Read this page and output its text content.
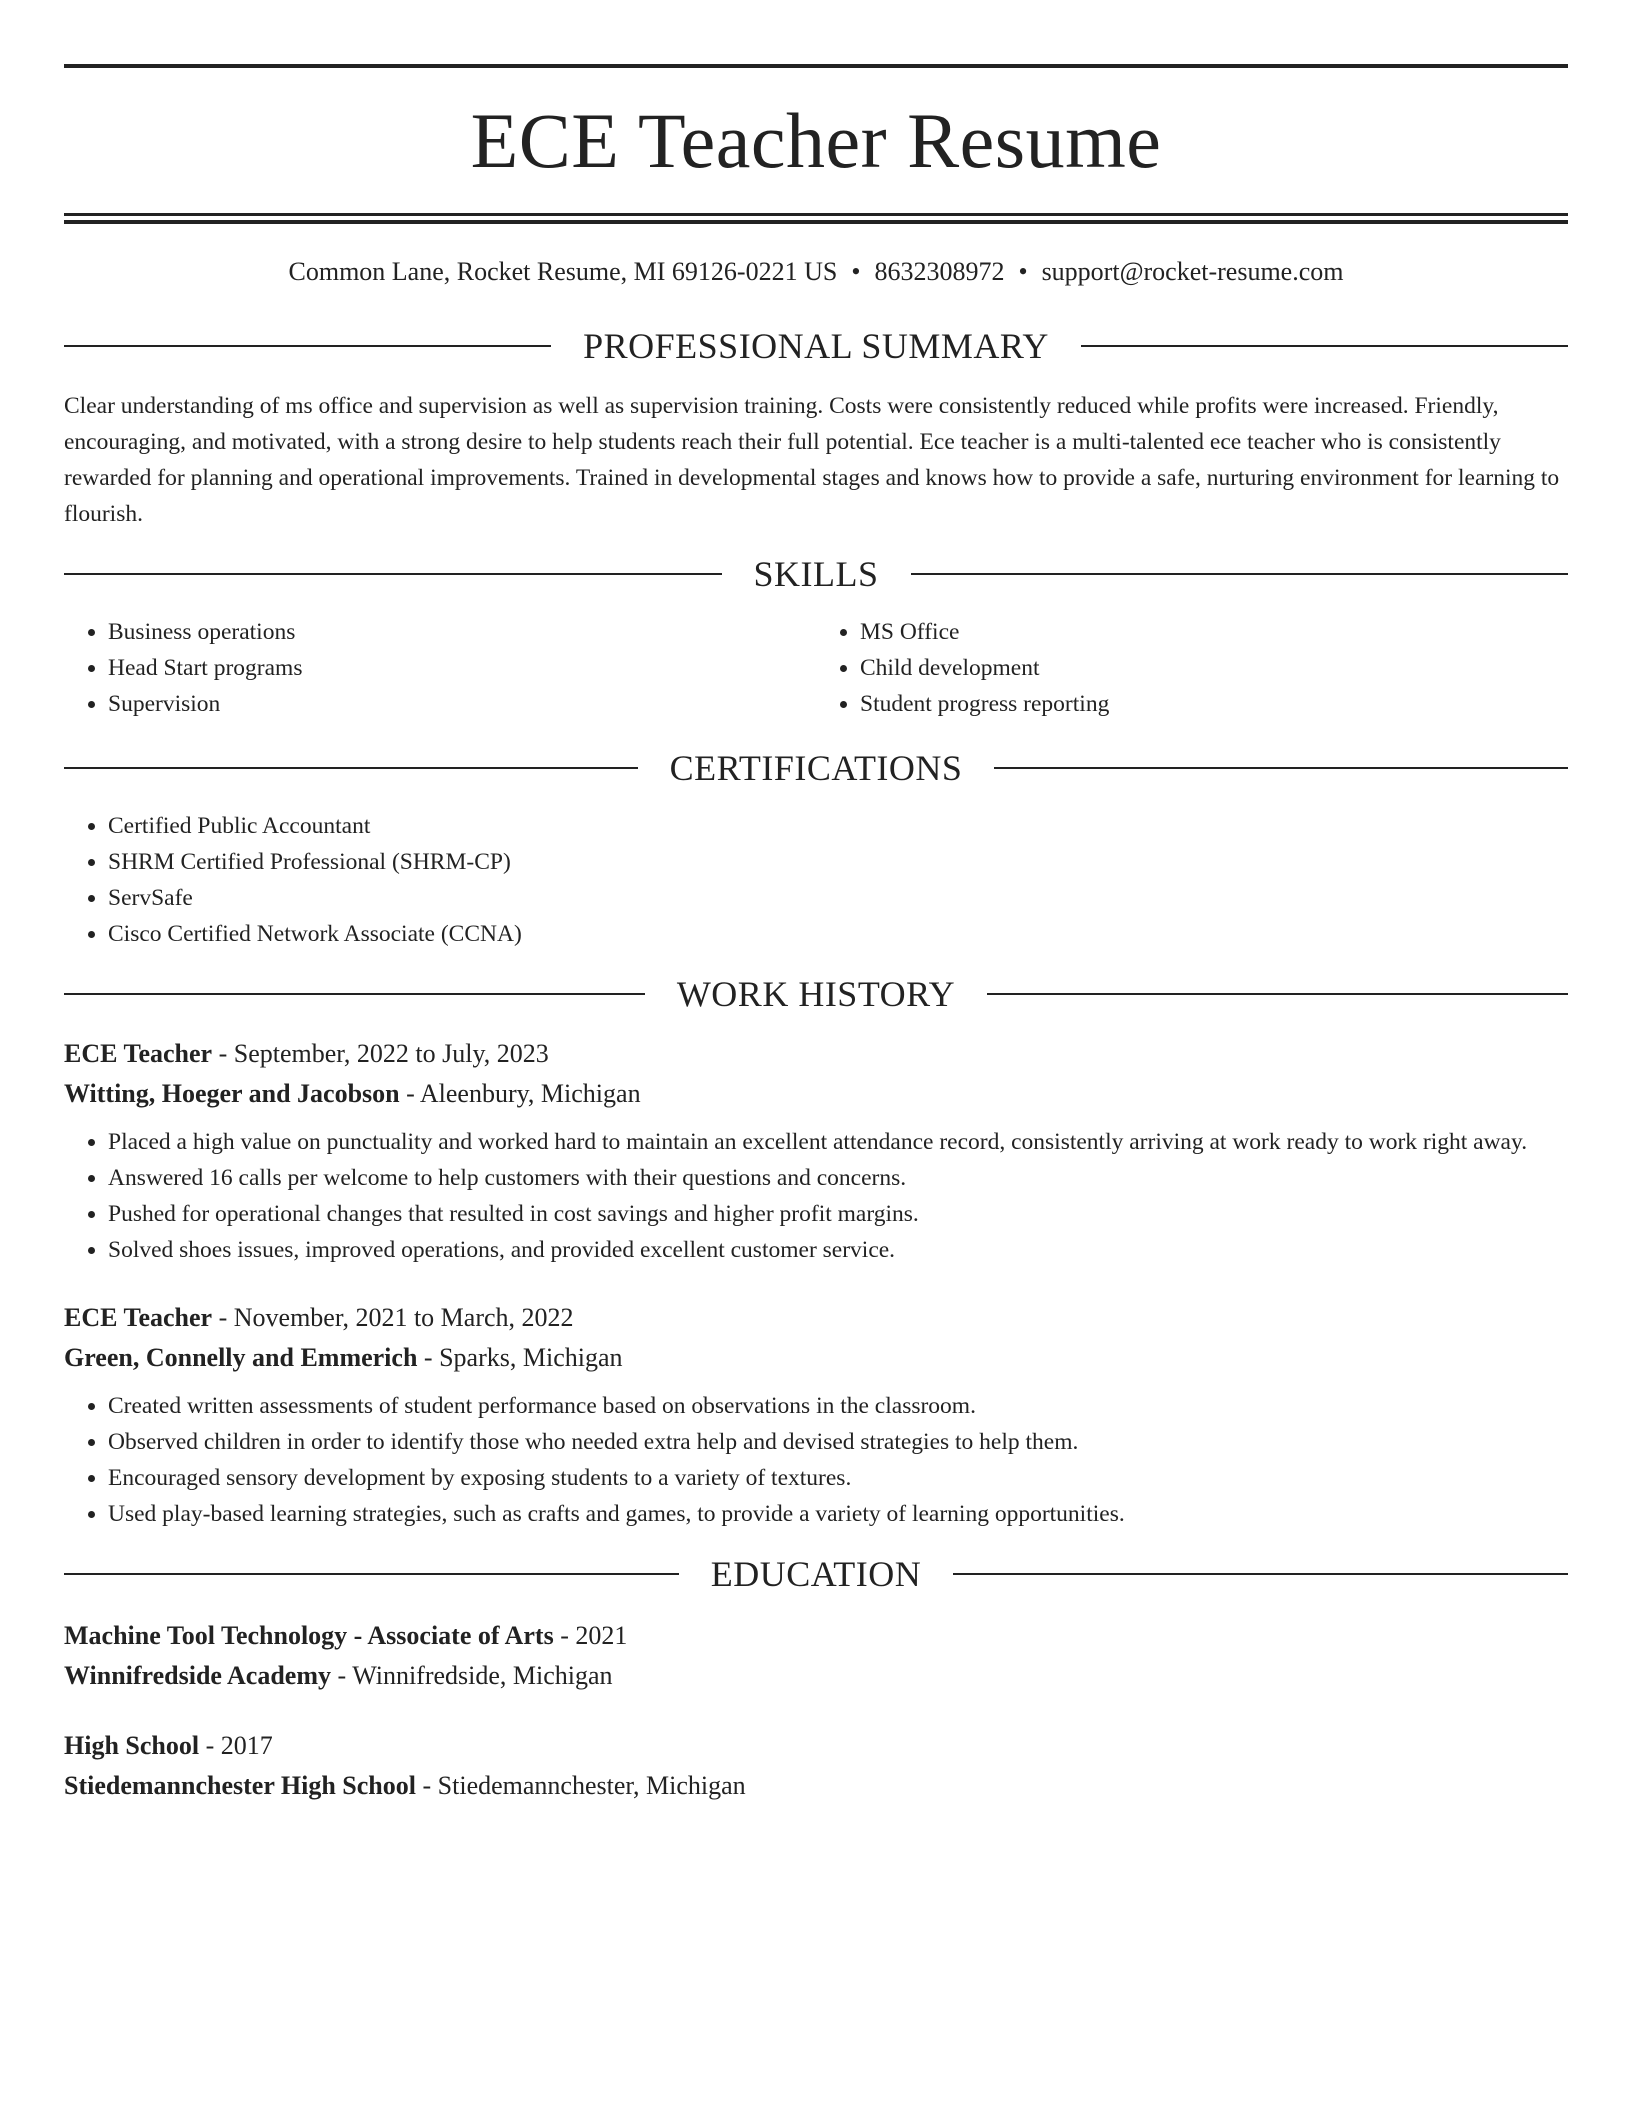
ECE Teacher Resume
Common Lane, Rocket Resume, MI 69126-0221 US • 8632308972 • support@rocket-resume.com
PROFESSIONAL SUMMARY
Clear understanding of ms office and supervision as well as supervision training. Costs were consistently reduced while profits were increased. Friendly, encouraging, and motivated, with a strong desire to help students reach their full potential. Ece teacher is a multi-talented ece teacher who is consistently rewarded for planning and operational improvements. Trained in developmental stages and knows how to provide a safe, nurturing environment for learning to flourish.
SKILLS
• Business operations
• Head Start programs
• Supervision
• MS Office
• Child development
• Student progress reporting
CERTIFICATIONS
• Certified Public Accountant
• SHRM Certified Professional (SHRM-CP)
• ServSafe
• Cisco Certified Network Associate (CCNA)
WORK HISTORY
ECE Teacher - September, 2022 to July, 2023
Witting, Hoeger and Jacobson - Aleenbury, Michigan
• Placed a high value on punctuality and worked hard to maintain an excellent attendance record, consistently arriving at work ready to work right away.
• Answered 16 calls per welcome to help customers with their questions and concerns.
• Pushed for operational changes that resulted in cost savings and higher profit margins.
• Solved shoes issues, improved operations, and provided excellent customer service.
ECE Teacher - November, 2021 to March, 2022
Green, Connelly and Emmerich - Sparks, Michigan
• Created written assessments of student performance based on observations in the classroom.
• Observed children in order to identify those who needed extra help and devised strategies to help them.
• Encouraged sensory development by exposing students to a variety of textures.
• Used play-based learning strategies, such as crafts and games, to provide a variety of learning opportunities.
EDUCATION
Machine Tool Technology - Associate of Arts - 2021
Winnifredside Academy - Winnifredside, Michigan
High School - 2017
Stiedemannchester High School - Stiedemannchester, Michigan
